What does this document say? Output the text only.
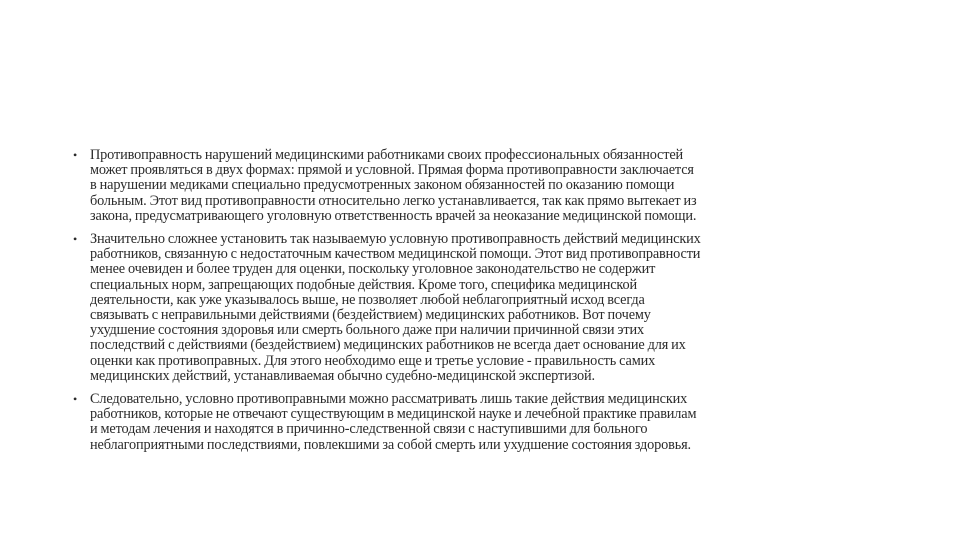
• Противоправность нарушений медицинскими работниками своих профессиональных обязанностей
может проявляться в двух формах: прямой и условной. Прямая форма противоправности заключается
в нарушении медиками специально предусмотренных законом обязанностей по оказанию помощи
больным. Этот вид противоправности относительно легко устанавливается, так как прямо вытекает из
закона, предусматривающего уголовную ответственность врачей за неоказание медицинской помощи.
• Значительно сложнее установить так называемую условную противоправность действий медицинских
работников, связанную с недостаточным качеством медицинской помощи. Этот вид противоправности
менее очевиден и более труден для оценки, поскольку уголовное законодательство не содержит
специальных норм, запрещающих подобные действия. Кроме того, специфика медицинской
деятельности, как уже указывалось выше, не позволяет любой неблагоприятный исход всегда
связывать с неправильными действиями (бездействием) медицинских работников. Вот почему
ухудшение состояния здоровья или смерть больного даже при наличии причинной связи этих
последствий с действиями (бездействием) медицинских работников не всегда дает основание для их
оценки как противоправных. Для этого необходимо еще и третье условие - правильность самих
медицинских действий, устанавливаемая обычно судебно-медицинской экспертизой.
• Следовательно, условно противоправными можно рассматривать лишь такие действия медицинских
работников, которые не отвечают существующим в медицинской науке и лечебной практике правилам
и методам лечения и находятся в причинно-следственной связи с наступившими для больного
неблагоприятными последствиями, повлекшими за собой смерть или ухудшение состояния здоровья.
